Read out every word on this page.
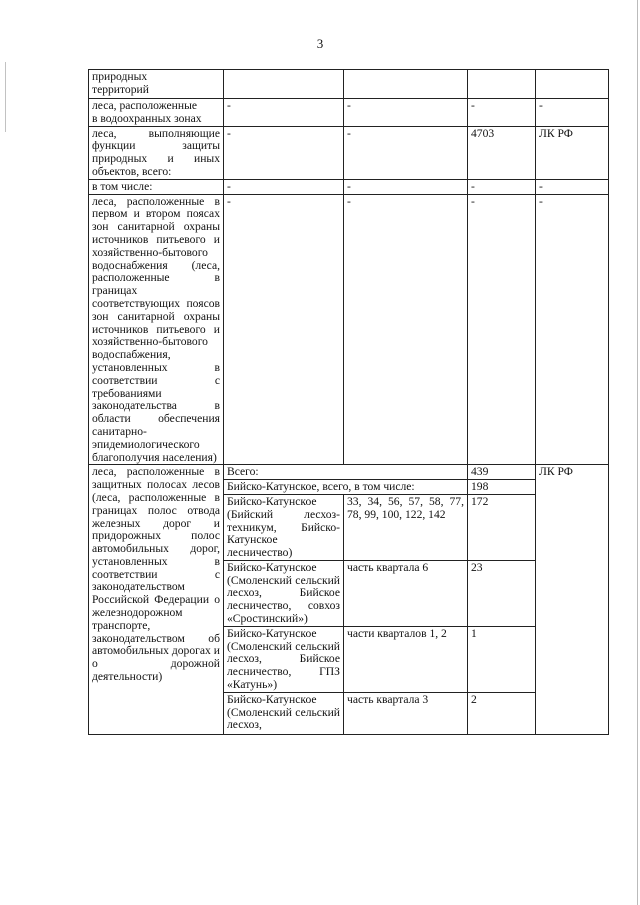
3
природных
территорий				
леса, расположенные
в водоохранных зонах	-	-	-	-
леса, выполняющие функции защиты природных и иных объектов, всего:	-	-	4703	ЛК РФ
в том числе:	-	-	-	-
леса, расположенные в первом и втором поясах зон санитарной охраны источников питьевого и хозяйственно-бытового водоснабжения (леса, расположенные в границах соответствующих поясов зон санитарной охраны источников питьевого и хозяйственно-бытового водоспабжения, установленных в соответствии с требованиями законодательства в области обеспечения санитарно-эпидемиологического благополучия населения)	-	-	-	-
леса, расположенные в защитных полосах лесов (леса, расположенные в границах полос отвода железных дорог и придорожных полос автомобильных дорог, установленных в соответствии с законодательством Российской Федерации о железнодорожном транспорте, законодательством об автомобильных дорогах и о дорожной деятельности)	Всего:		439	ЛК РФ
	Бийско-Катунское, всего, в том числе:		198	
	Бийско-Катунское (Бийский лесхоз-техникум, Бийско-Катунское лесничество)	33, 34, 56, 57, 58, 77, 78, 99, 100, 122, 142	172	
	Бийско-Катунское (Смоленский сельский лесхоз, Бийское лесничество, совхоз «Сростинский»)	часть квартала 6	23	
	Бийско-Катунское (Смоленский сельский лесхоз, Бийское лесничество, ГПЗ «Катунь»)	части кварталов 1, 2	1	
	Бийско-Катунское (Смоленский сельский лесхоз,	часть квартала 3	2	
